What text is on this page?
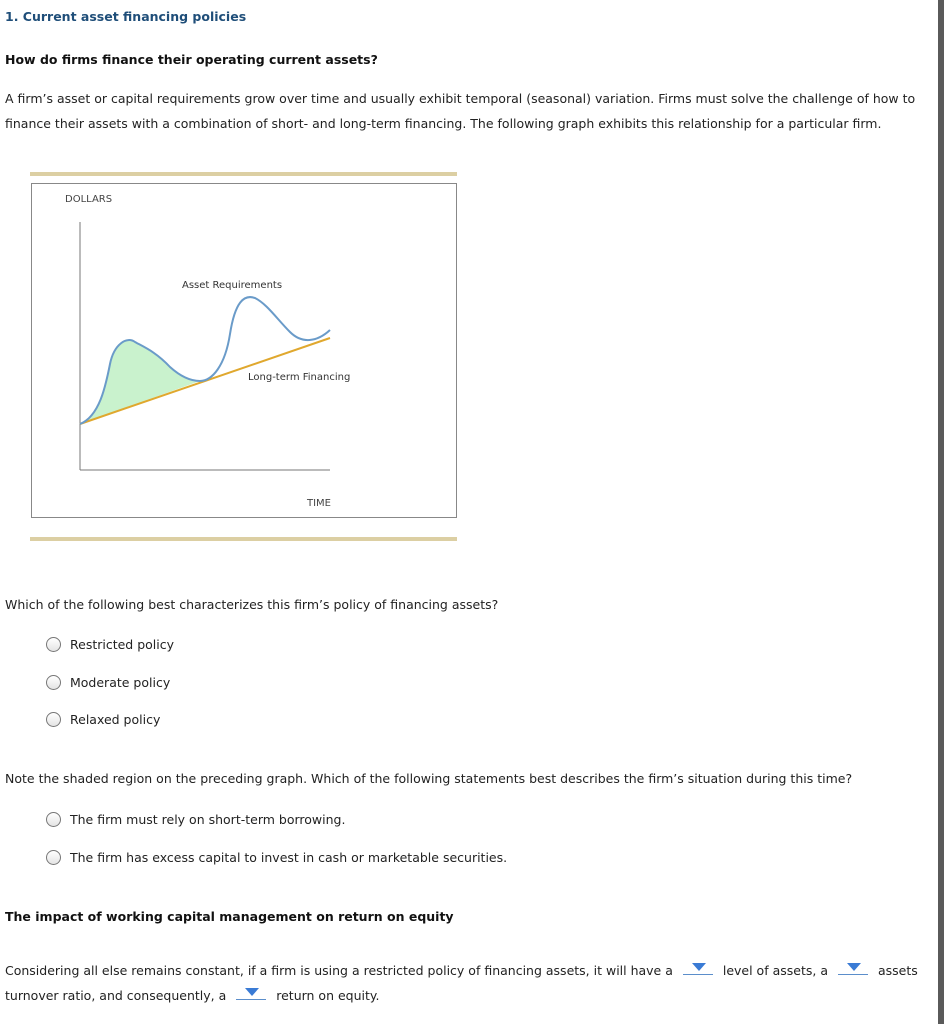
1. Current asset financing policies
How do firms finance their operating current assets?
A firm’s asset or capital requirements grow over time and usually exhibit temporal (seasonal) variation. Firms must solve the challenge of how to
finance their assets with a combination of short- and long-term financing. The following graph exhibits this relationship for a particular firm.
DOLLARS
Asset Requirements
Long-term Financing
TIME
Which of the following best characterizes this firm’s policy of financing assets?
Restricted policy
Moderate policy
Relaxed policy
Note the shaded region on the preceding graph. Which of the following statements best describes the firm’s situation during this time?
The firm must rely on short-term borrowing.
The firm has excess capital to invest in cash or marketable securities.
The impact of working capital management on return on equity
Considering all else remains constant, if a firm is using a restricted policy of financing assets, it will have a	level of assets, a	assets
turnover ratio, and consequently, a	return on equity.
